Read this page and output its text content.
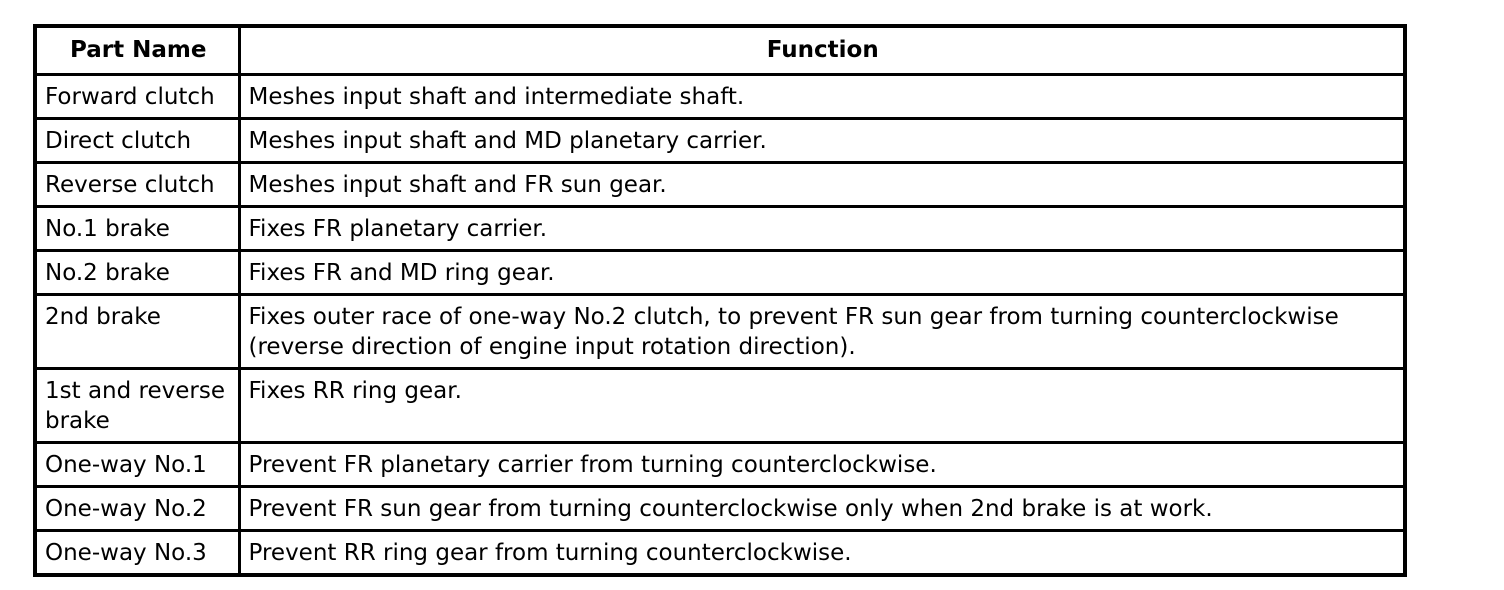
Part Name	Function
Forward clutch	Meshes input shaft and intermediate shaft.
Direct clutch	Meshes input shaft and MD planetary carrier.
Reverse clutch	Meshes input shaft and FR sun gear.
No.1 brake	Fixes FR planetary carrier.
No.2 brake	Fixes FR and MD ring gear.
2nd brake	Fixes outer race of one-way No.2 clutch, to prevent FR sun gear from turning counterclockwise (reverse direction of engine input rotation direction).
1st and reverse brake	Fixes RR ring gear.
One-way No.1	Prevent FR planetary carrier from turning counterclockwise.
One-way No.2	Prevent FR sun gear from turning counterclockwise only when 2nd brake is at work.
One-way No.3	Prevent RR ring gear from turning counterclockwise.
